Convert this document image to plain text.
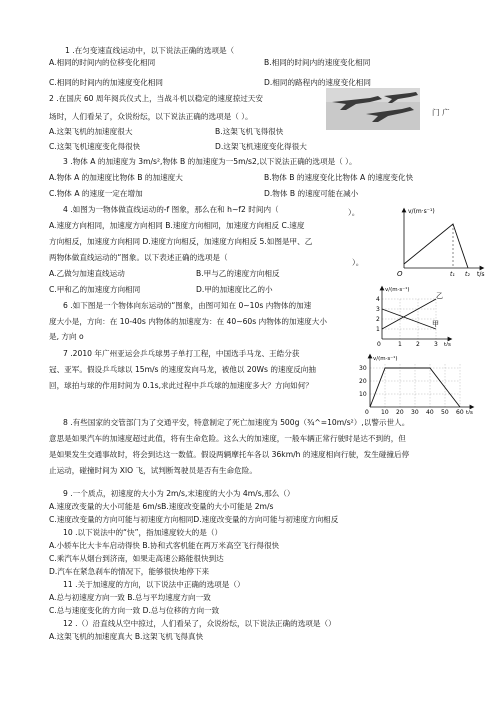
1 .在匀变速直线运动中，以下说法正确的选项是（
A.相同的时间内的位移变化相同	B.相同的时间内的速度变化相同
C.相同的时间内的加速度变化相同	D.相同的路程内的速度变化相同
2 .在国庆 60 周年阅兵仪式上，当战斗机以稳定的速度掠过天安
门 广
场时，人们看呆了，众说纷纭，以下说法正确的选项是（ ）。
A.这架飞机的加速度很大	B.这架飞机飞得很快
C.这架飞机速度变化得很快	D.这架飞机速度变化得很大
3 .物体 A 的加速度为 3m/s²,物体 B 的加速度为一5m/s2,以下说法正确的选项是（ ）。
A.物体 A 的加速度比物体 B 的加速度大	B.物体 B 的速度变化比物体 A 的速度变化快
C.物体 A 的速度一定在增加	D.物体 B 的速度可能在减小
4 .如图为一物体做直线运动的-f 图象，那么在和 h~f2 时间内（	）。
A.速度方向相同，加速度方向相同 B.速度方向相同，加速度方向相反 C.速度
方向相反，加速度方向相同 D.速度方向相反，加速度方向相反 5.如图是甲、乙
两物体做直线运动的“图象。以下表述正确的选项是（
）。
A.乙做匀加速直线运动	B.甲与乙的速度方向相反
C.甲和乙的加速度方向相同	D.甲的加速度比乙的小
6 .如下图是一个物体向东运动的“图象，由图可知在 0~10s 内物体的加速
度大小是，方向：在 10-40s 内物体的加速度为：在 40~60s 内物体的加速度大小
是, 方向 o
7 .2010 年广州亚运会乒乓球男子单打工程，中国选手马龙、王皓分获
冠、亚军。假设乒乓球以 15m/s 的速度发向马龙，被他以 20Ws 的速度反向抽
回，球拍与球的作用时间为 0.1s,求此过程中乒乓球的加速度多大？方向如何？
8 .有些国家的交管部门为了交通平安，特意制定了死亡加速度为 500g（¾^=10m/s²）,以警示世人。
意思是如果汽车的加速度超过此值，将有生命危险。这么大的加速度，一般车辆正常行驶时是达不到的，但
是如果发生交通事故时，将会到达这一数值。假设两辆摩托车各以 36km/h 的速度相向行驶，发生碰撞后停
止运动，碰撞时间为 XlO 飞，试判断驾驶员是否有生命危险。
9 .一个质点，初速度的大小为 2m/s,末速度的大小为 4m/s,那么（）
A.速度改变量的大小可能是 6m/sB.速度改变量的大小可能是 2m/s
C.速度改变量的方向可能与初速度方向相同D.速度改变量的方向可能与初速度方向相反
10 .以下说法中的“快”，指加速度较大的是（）
A.小轿车比大卡车启动得快 B.协和式客机能在两万米高空飞行得很快
C.乘汽车从烟台到济南，如果走高速公路能很快到达
D.汽车在紧急刹车的情况下，能够很快地停下来
11 .关于加速度的方向，以下说法中正确的选项是（）
A.总与初速度方向一致 B.总与平均速度方向一致
C.总与速度变化的方向一致 D.总与位移的方向一致
12 .（）沿直线从空中掠过，人们看呆了，众说纷纭，以下说法正确的选项是（）
A.这架飞机的加速度真大 B.这架飞机飞得真快
v/(m·s⁻¹)
t/s
O	t₁ t₂
v/(m·s⁻¹)
t/s
0
4
3
2
1
1 2 3
乙
甲
v/(m·s⁻¹)
t/s
0
30
20
10
10 20 30 40 50 60
